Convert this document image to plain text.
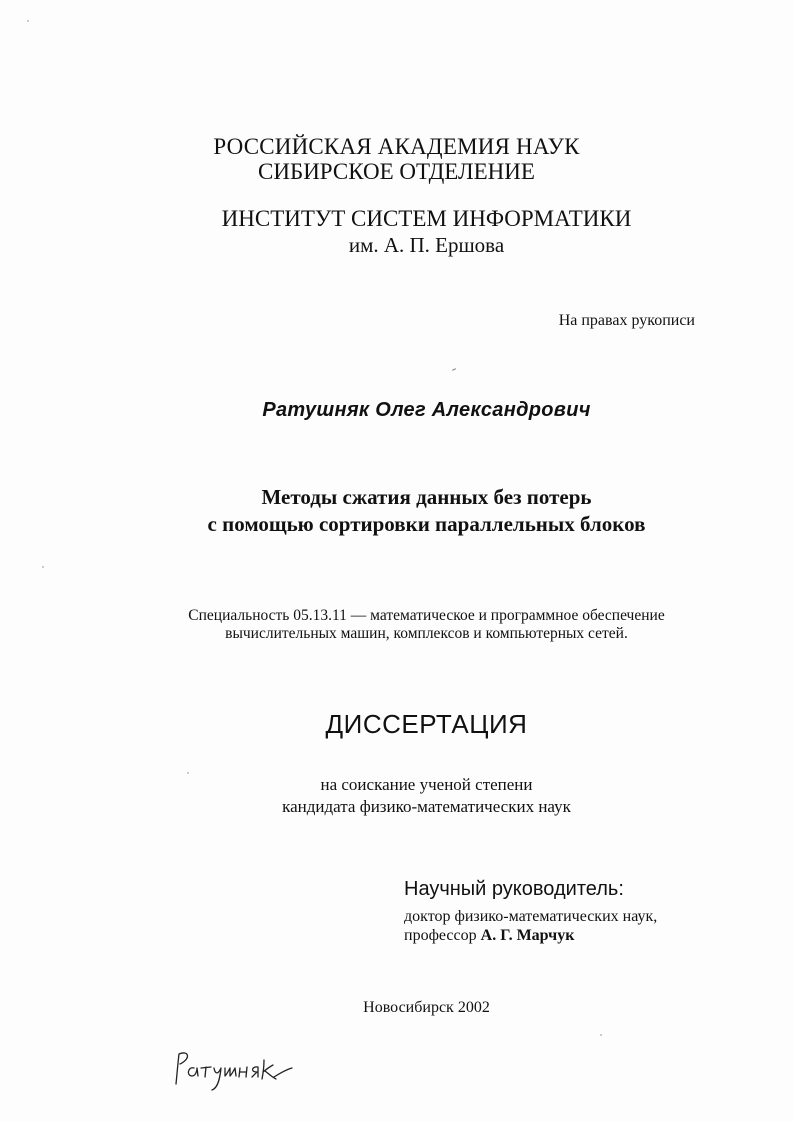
РОССИЙСКАЯ АКАДЕМИЯ НАУК

СИБИРСКОЕ ОТДЕЛЕНИЕ

ИНСТИТУТ СИСТЕМ ИНФОРМАТИКИ

им. А. П. Ершова

На правах рукописи

Ратушняк Олег Александрович

Методы сжатия данных без потерь

с помощью сортировки параллельных блоков

Специальность 05.13.11 — математическое и программное обеспечение

вычислительных машин, комплексов и компьютерных сетей.

ДИССЕРТАЦИЯ

на соискание ученой степени

кандидата физико-математических наук

Научный руководитель:

доктор физико-математических наук,

профессор А. Г. Марчук

Новосибирск 2002

Ратушняк
